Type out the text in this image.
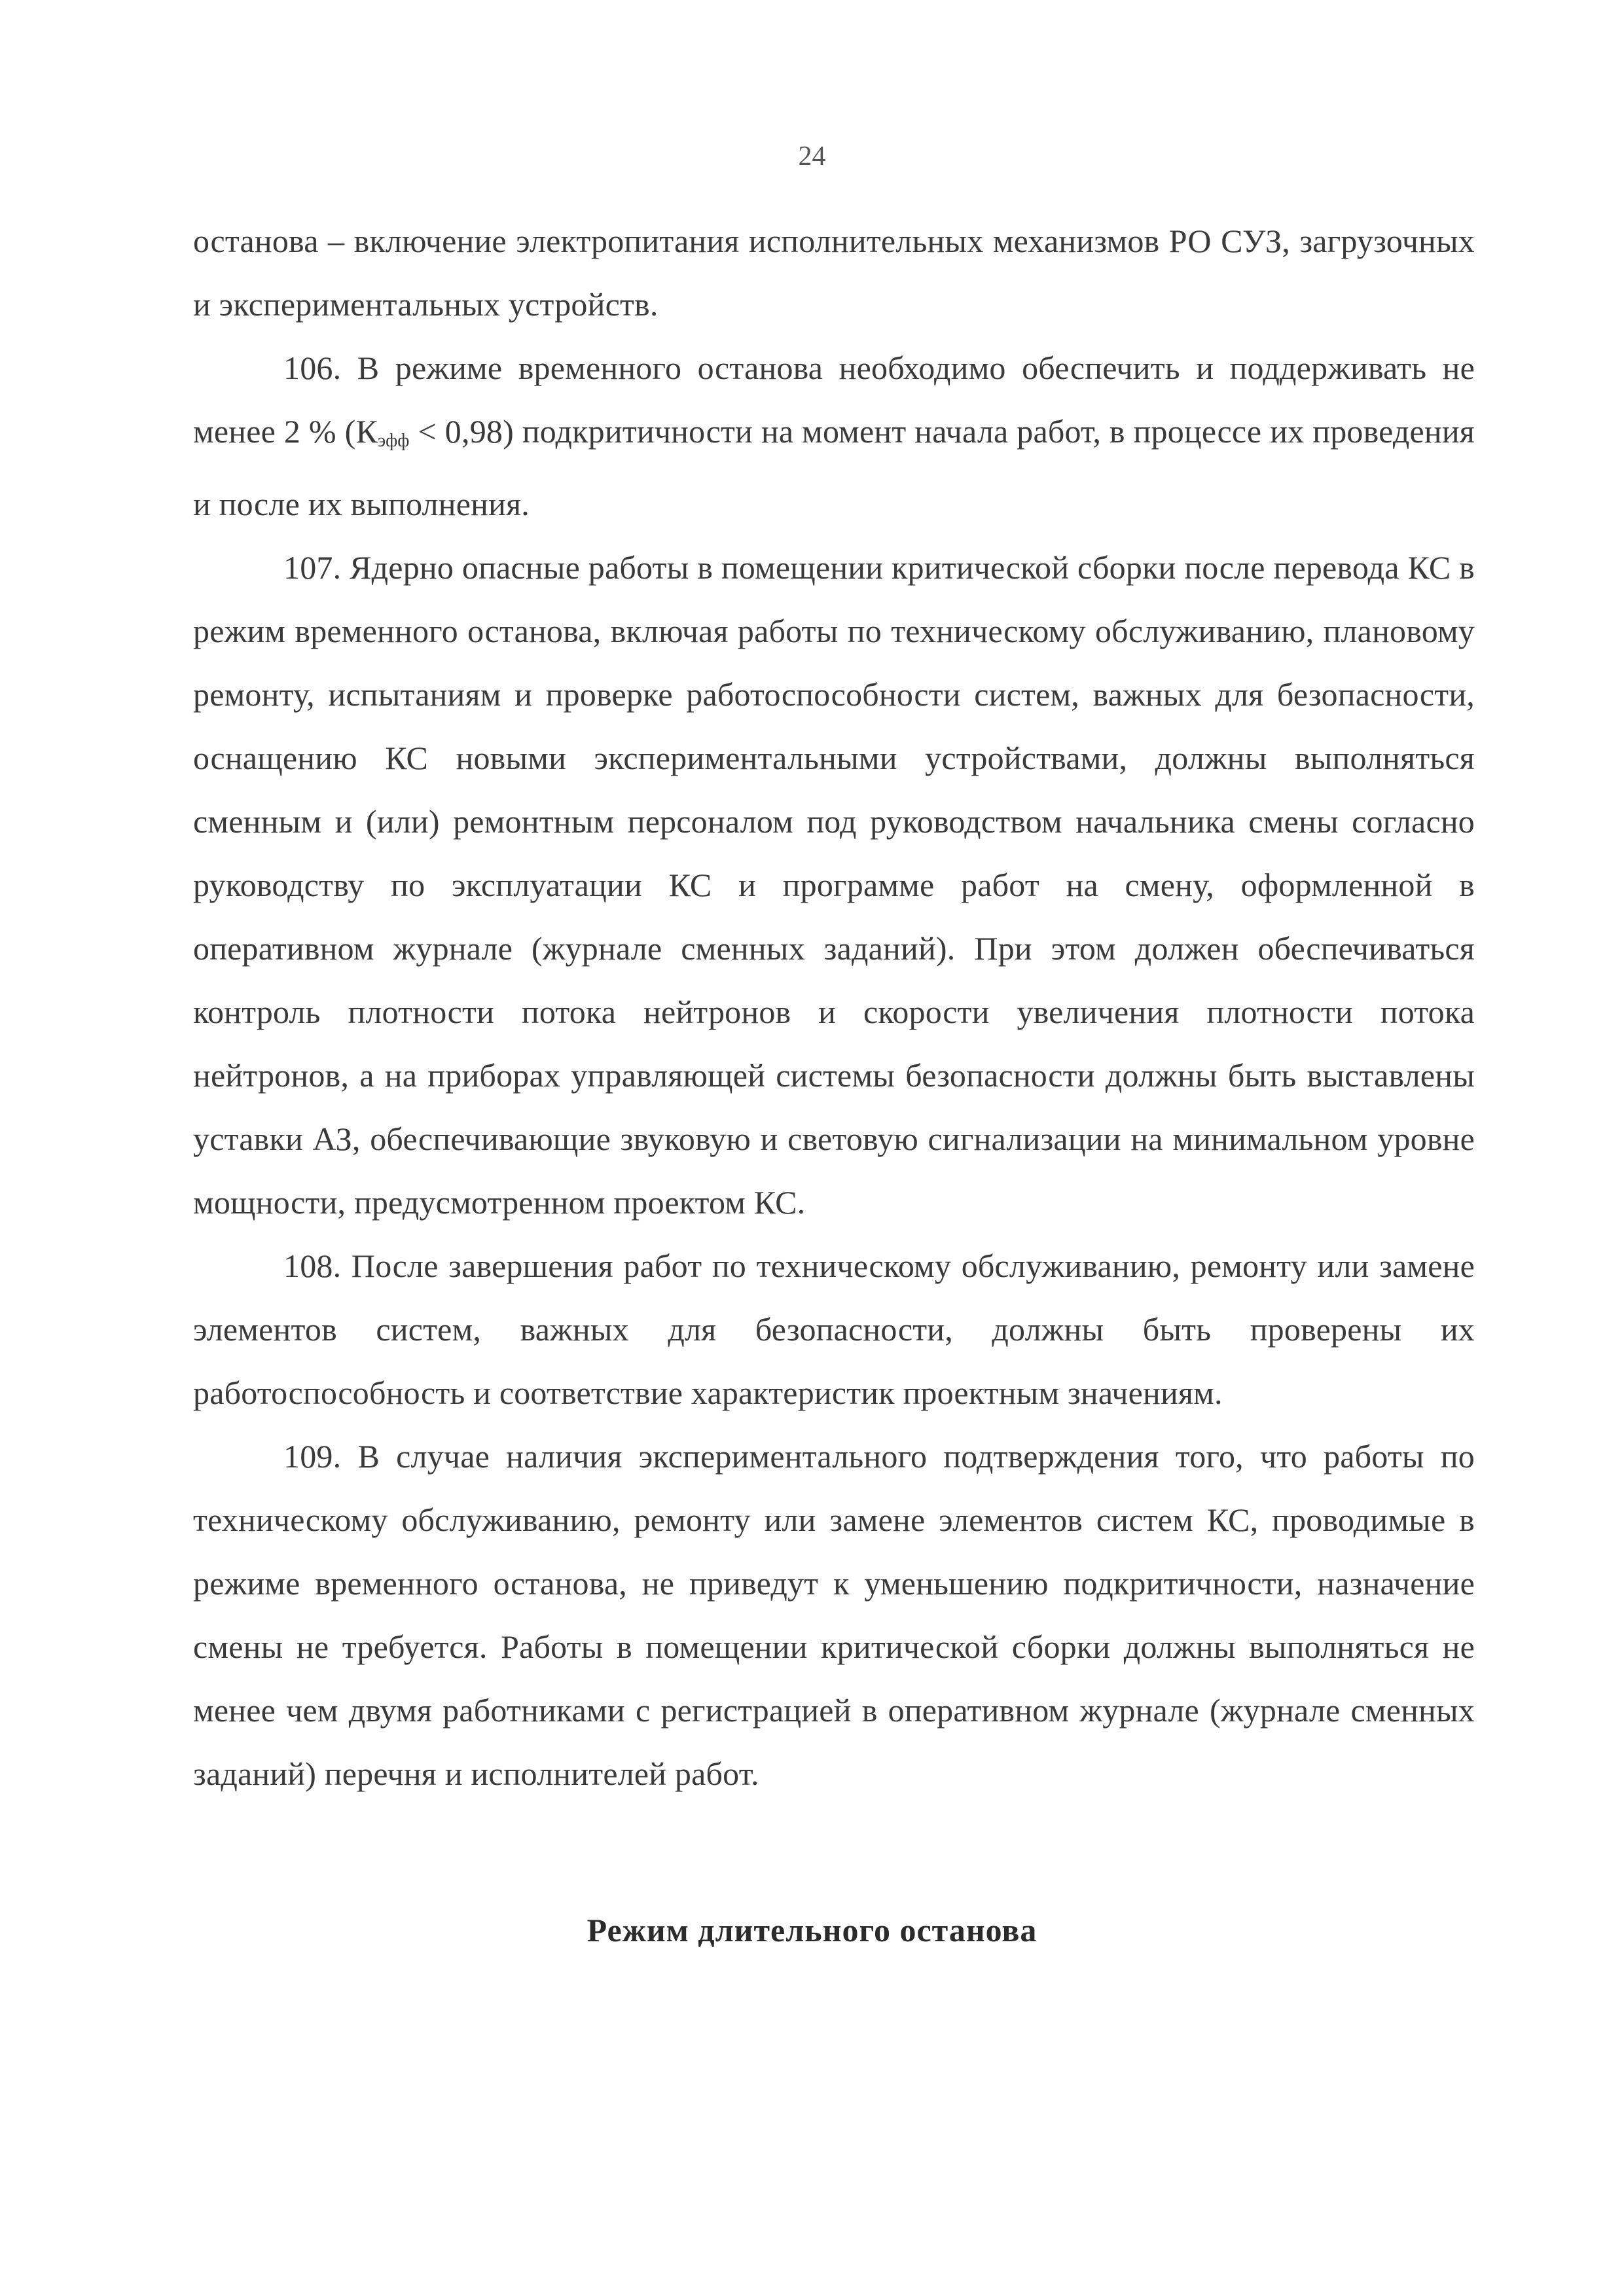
24

останова – включение электропитания исполнительных механизмов РО СУЗ, загрузочных и экспериментальных устройств.

106. В режиме временного останова необходимо обеспечить и поддерживать не менее 2 % $(К_{эфф} < 0,98)$ подкритичности на момент начала работ, в процессе их проведения и после их выполнения.

107. Ядерно опасные работы в помещении критической сборки после перевода КС в режим временного останова, включая работы по техническому обслуживанию, плановому ремонту, испытаниям и проверке работоспособности систем, важных для безопасности, оснащению КС новыми экспериментальными устройствами, должны выполняться сменным и (или) ремонтным персоналом под руководством начальника смены согласно руководству по эксплуатации КС и программе работ на смену, оформленной в оперативном журнале (журнале сменных заданий). При этом должен обеспечиваться контроль плотности потока нейтронов и скорости увеличения плотности потока нейтронов, а на приборах управляющей системы безопасности должны быть выставлены уставки АЗ, обеспечивающие звуковую и световую сигнализации на минимальном уровне мощности, предусмотренном проектом КС.

108. После завершения работ по техническому обслуживанию, ремонту или замене элементов систем, важных для безопасности, должны быть проверены их работоспособность и соответствие характеристик проектным значениям.

109. В случае наличия экспериментального подтверждения того, что работы по техническому обслуживанию, ремонту или замене элементов систем КС, проводимые в режиме временного останова, не приведут к уменьшению подкритичности, назначение смены не требуется. Работы в помещении критической сборки должны выполняться не менее чем двумя работниками с регистрацией в оперативном журнале (журнале сменных заданий) перечня и исполнителей работ.

Режим длительного останова
